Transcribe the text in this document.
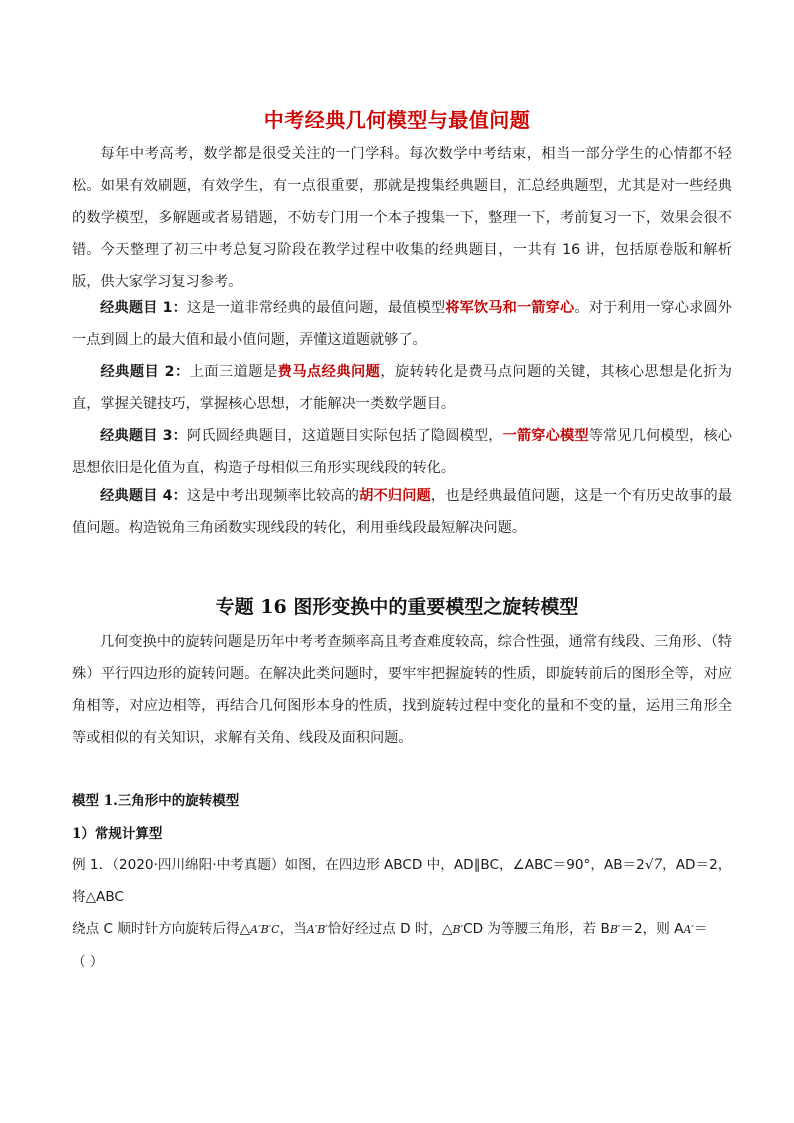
中考经典几何模型与最值问题
每年中考高考，数学都是很受关注的一门学科。每次数学中考结束，相当一部分学生的心情都不轻松。如果有效刷题，有效学生，有一点很重要，那就是搜集经典题目，汇总经典题型，尤其是对一些经典的数学模型，多解题或者易错题，不妨专门用一个本子搜集一下，整理一下，考前复习一下，效果会很不错。 今天整理了初三中考总复习阶段在教学过程中收集的经典题目，一共有 16 讲，包括原卷版和解析版，供大家学习复习参考。
经典题目 1：这是一道非常经典的最值问题，最值模型将军饮马和一箭穿心。对于利用一穿心求圆外一点到圆上的最大值和最小值问题，弄懂这道题就够了。
经典题目 2：上面三道题是费马点经典问题，旋转转化是费马点问题的关键，其核心思想是化折为直，掌握关键技巧，掌握核心思想，才能解决一类数学题目。
经典题目 3：阿氏圆经典题目，这道题目实际包括了隐圆模型，一箭穿心模型等常见几何模型，核心思想依旧是化值为直，构造子母相似三角形实现线段的转化。
经典题目 4：这是中考出现频率比较高的胡不归问题，也是经典最值问题，这是一个有历史故事的最值问题。构造锐角三角函数实现线段的转化，利用垂线段最短解决问题。
专题 16 图形变换中的重要模型之旋转模型
几何变换中的旋转问题是历年中考考查频率高且考查难度较高，综合性强，通常有线段、三角形、（特殊）平行四边形的旋转问题。在解决此类问题时，要牢牢把握旋转的性质，即旋转前后的图形全等，对应角相等，对应边相等，再结合几何图形本身的性质，找到旋转过程中变化的量和不变的量，运用三角形全等或相似的有关知识，求解有关角、线段及面积问题。
模型 1.三角形中的旋转模型
1）常规计算型
例 1．（2020·四川绵阳·中考真题）如图，在四边形 ABCD 中，AD∥BC，∠ABC＝90°，AB＝2√7，AD＝2，将△ABC
绕点 C 顺时针方向旋转后得△A′B′C，当A′B′恰好经过点 D 时，△B′CD 为等腰三角形，若 BB′＝2，则 AA′＝
（ ）
